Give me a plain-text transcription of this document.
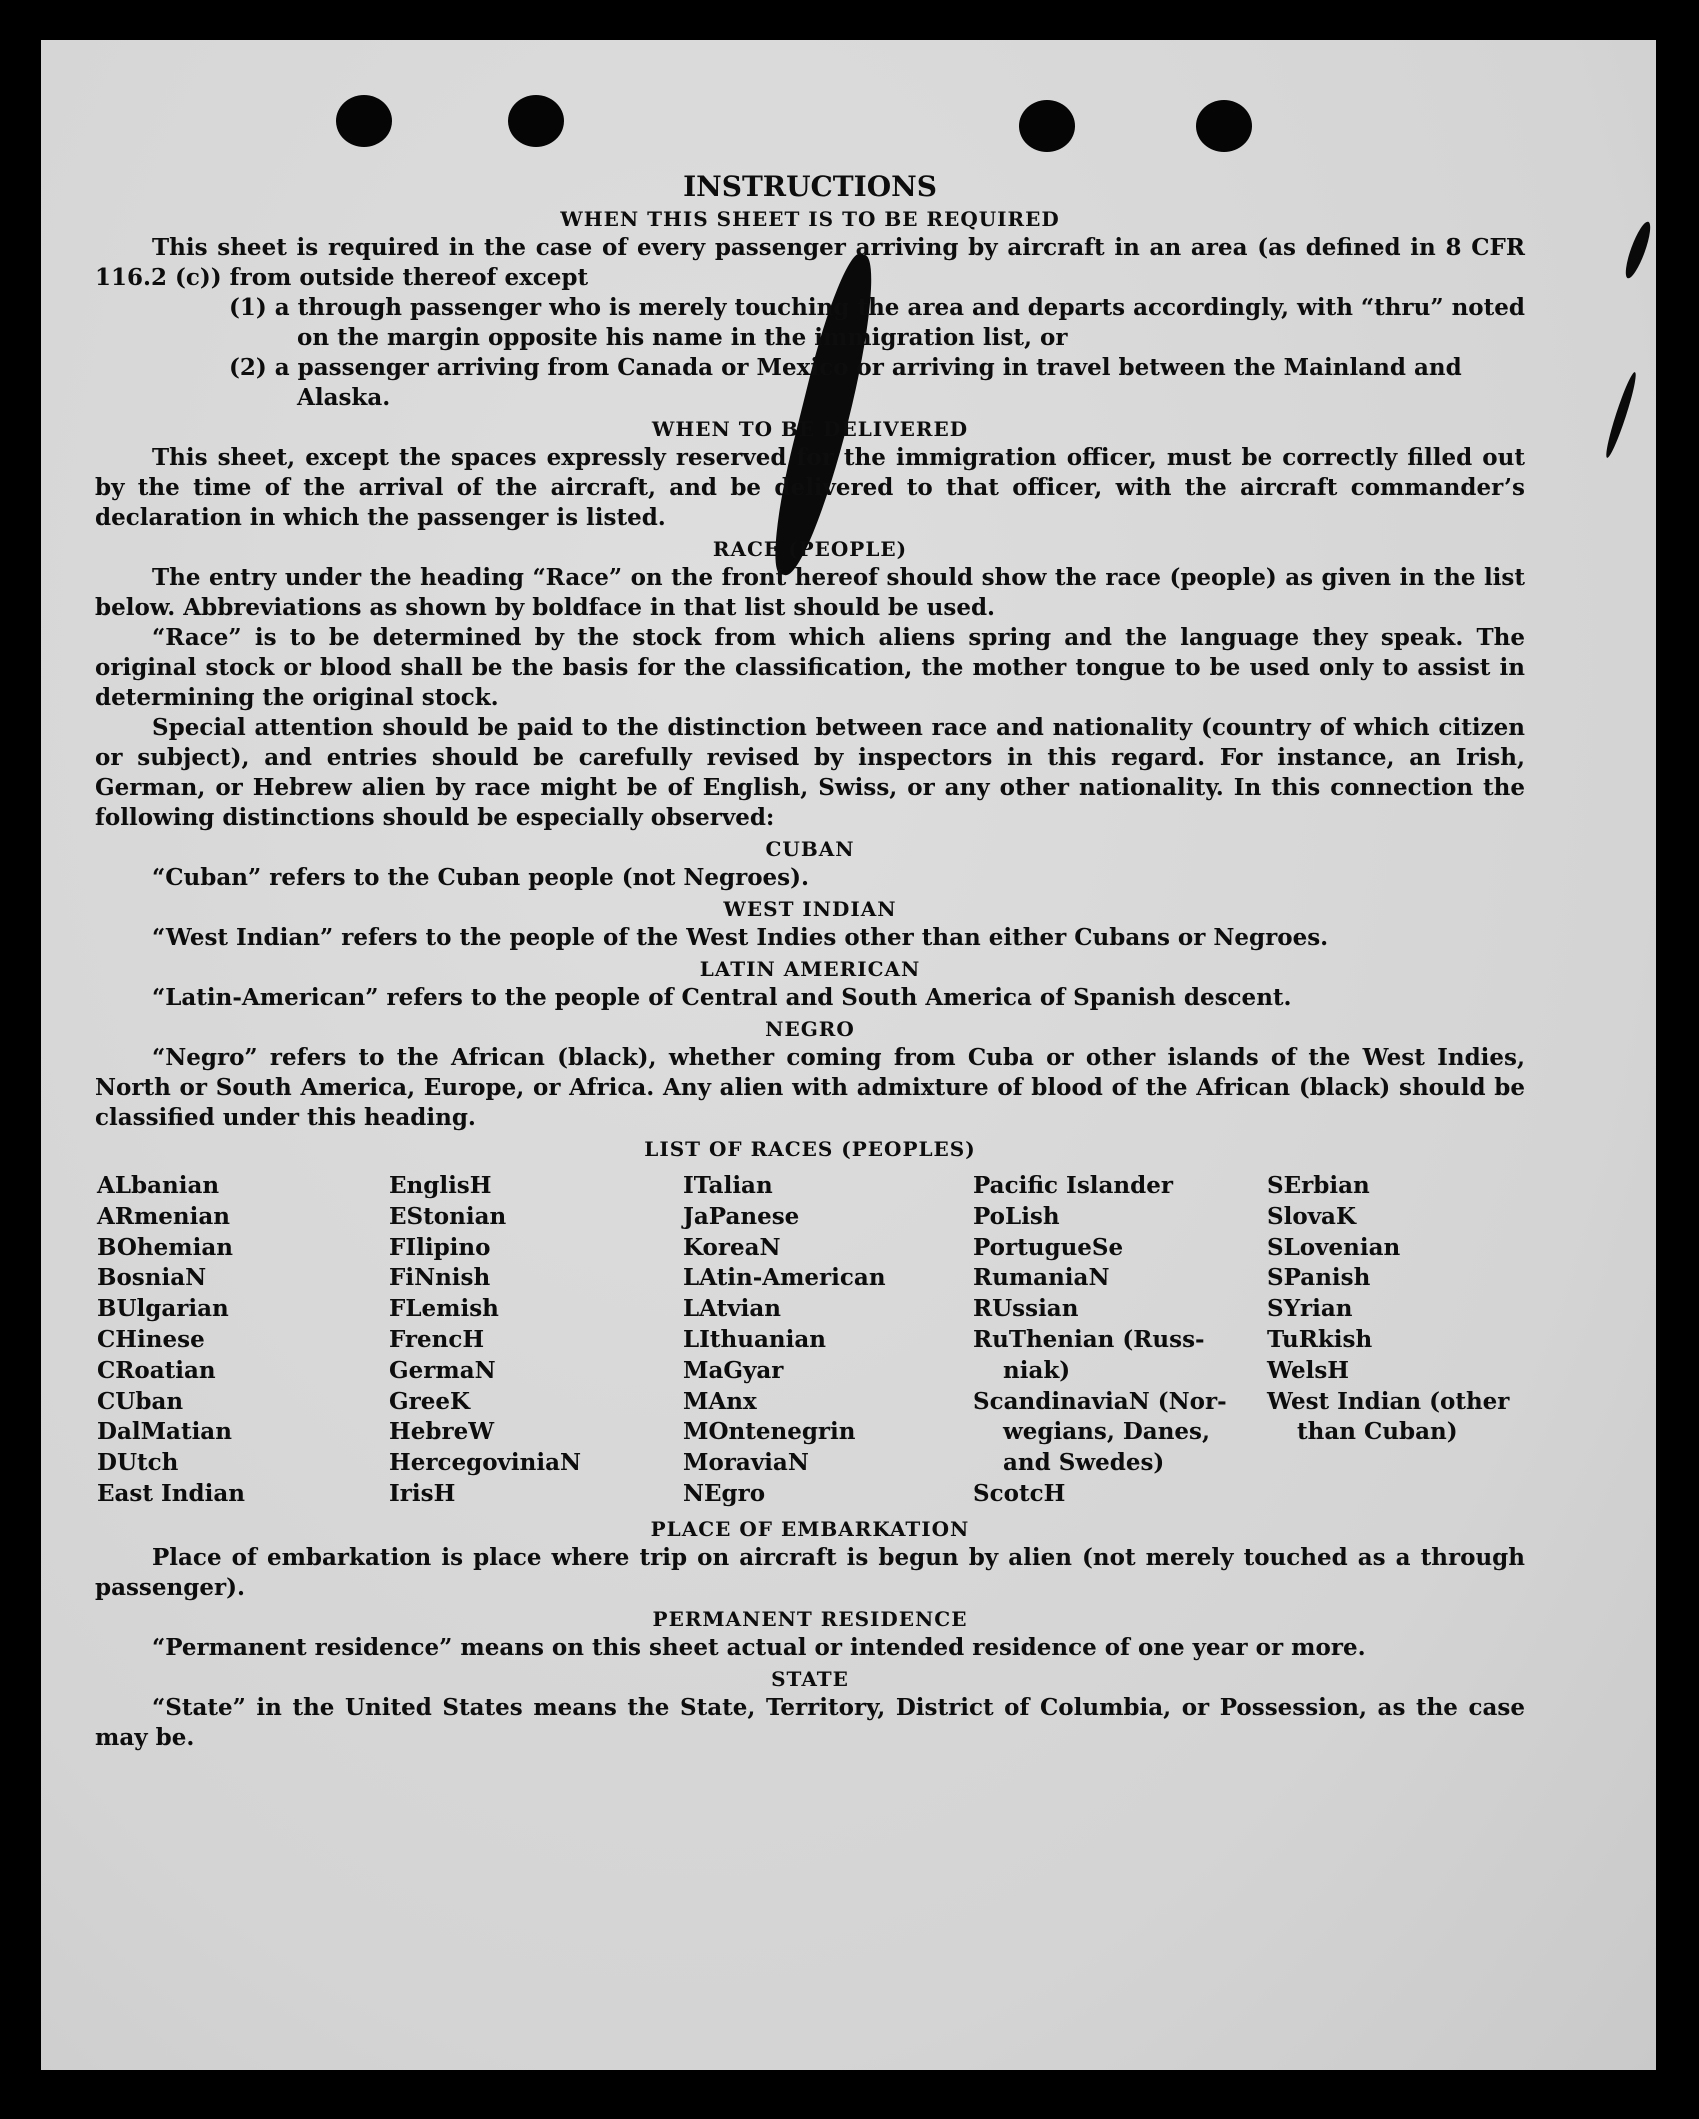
INSTRUCTIONS
WHEN THIS SHEET IS TO BE REQUIRED

This sheet is required in the case of every passenger arriving by aircraft in an area (as defined in 8 CFR 116.2 (c)) from outside thereof except

(1) a through passenger who is merely touching the area and departs accordingly, with “thru” noted on the margin opposite his name in the immigration list, or

(2) a passenger arriving from Canada or Mexico or arriving in travel between the Mainland and Alaska.

WHEN TO BE DELIVERED

This sheet, except the spaces expressly reserved for the immigration officer, must be correctly filled out by the time of the arrival of the aircraft, and be delivered to that officer, with the aircraft commander’s declaration in which the passenger is listed.

RACE (PEOPLE)

The entry under the heading “Race” on the front hereof should show the race (people) as given in the list below. Abbreviations as shown by boldface in that list should be used.

“Race” is to be determined by the stock from which aliens spring and the language they speak. The original stock or blood shall be the basis for the classification, the mother tongue to be used only to assist in determining the original stock.

Special attention should be paid to the distinction between race and nationality (country of which citizen or subject), and entries should be carefully revised by inspectors in this regard. For instance, an Irish, German, or Hebrew alien by race might be of English, Swiss, or any other nationality. In this connection the following distinctions should be especially observed:

CUBAN

“Cuban” refers to the Cuban people (not Negroes).

WEST INDIAN

“West Indian” refers to the people of the West Indies other than either Cubans or Negroes.

LATIN AMERICAN

“Latin-American” refers to the people of Central and South America of Spanish descent.

NEGRO

“Negro” refers to the African (black), whether coming from Cuba or other islands of the West Indies, North or South America, Europe, or Africa. Any alien with admixture of blood of the African (black) should be classified under this heading.

LIST OF RACES (PEOPLES)
ALbanian
ARmenian
BOhemian
BosniaN
BUlgarian
CHinese
CRoatian
CUban
DalMatian
DUtch
East Indian
EnglisH
EStonian
FIlipino
FiNnish
FLemish
FrencH
GermaN
GreeK
HebreW
HercegoviniaN
IrisH
ITalian
JaPanese
KoreaN
LAtin-American
LAtvian
LIthuanian
MaGyar
MAnx
MOntenegrin
MoraviaN
NEgro
Pacific Islander
PoLish
PortugueSe
RumaniaN
RUssian
RuThenian (Russ-
niak)
ScandinaviaN (Nor-
wegians, Danes,
and Swedes)
ScotcH
SErbian
SlovaK
SLovenian
SPanish
SYrian
TuRkish
WelsH
West Indian (other
than Cuban)
PLACE OF EMBARKATION

Place of embarkation is place where trip on aircraft is begun by alien (not merely touched as a through passenger).

PERMANENT RESIDENCE

“Permanent residence” means on this sheet actual or intended residence of one year or more.

STATE

“State” in the United States means the State, Territory, District of Columbia, or Possession, as the case may be.
